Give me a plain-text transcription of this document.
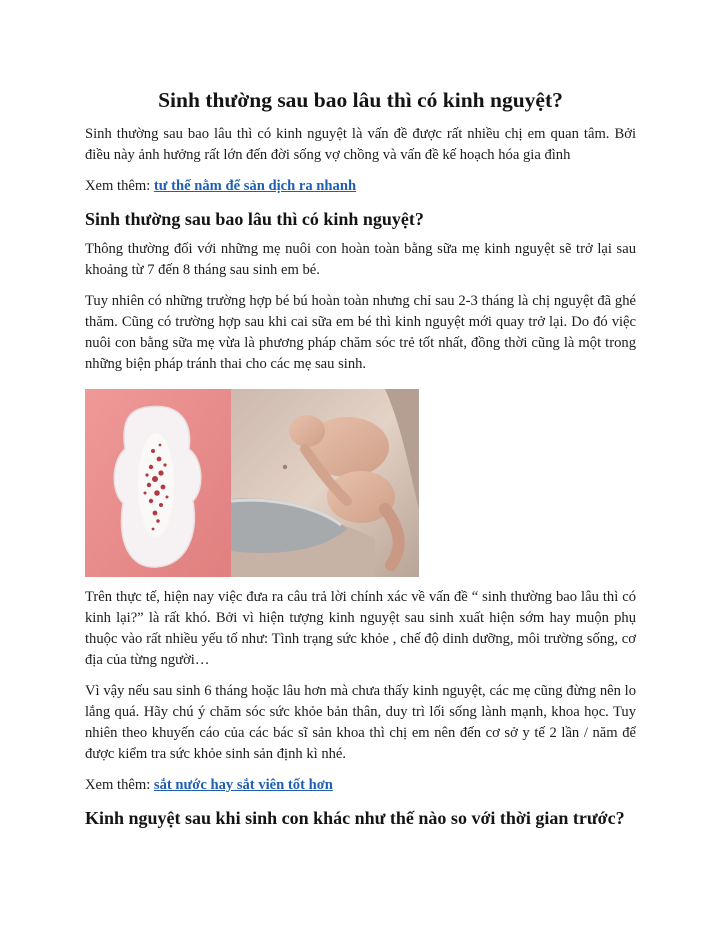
Sinh thường sau bao lâu thì có kinh nguyệt?

Sinh thường sau bao lâu thì có kinh nguyệt là vấn đề được rất nhiều chị em quan tâm. Bởi điều này ảnh hưởng rất lớn đến đời sống vợ chồng và vấn đề kế hoạch hóa gia đình

Xem thêm: tư thế nằm để sản dịch ra nhanh

Sinh thường sau bao lâu thì có kinh nguyệt?

Thông thường đối với những mẹ nuôi con hoàn toàn bằng sữa mẹ kinh nguyệt sẽ trở lại sau khoảng từ 7 đến 8 tháng sau sinh em bé.

Tuy nhiên có những trường hợp bé bú hoàn toàn nhưng chỉ sau 2-3 tháng là chị nguyệt đã ghé thăm. Cũng có trường hợp sau khi cai sữa em bé thì kinh nguyệt mới quay trở lại. Do đó việc nuôi con bằng sữa mẹ vừa là phương pháp chăm sóc trẻ tốt nhất, đồng thời cũng là một trong những biện pháp tránh thai cho các mẹ sau sinh.

Trên thực tế, hiện nay việc đưa ra câu trả lời chính xác về vấn đề “ sinh thường bao lâu thì có kinh lại?” là rất khó. Bởi vì hiện tượng kinh nguyệt sau sinh xuất hiện sớm hay muộn phụ thuộc vào rất nhiều yếu tố như: Tình trạng sức khỏe , chế độ dinh dưỡng, môi trường sống, cơ địa của từng người…

Vì vậy nếu sau sinh 6 tháng hoặc lâu hơn mà chưa thấy kinh nguyệt, các mẹ cũng đừng nên lo lắng quá. Hãy chú ý chăm sóc sức khỏe bản thân, duy trì lối sống lành mạnh, khoa học. Tuy nhiên theo khuyến cáo của các bác sĩ sản khoa thì chị em nên đến cơ sở y tế 2 lần / năm để được kiểm tra sức khỏe sinh sản định kì nhé.

Xem thêm: sắt nước hay sắt viên tốt hơn

Kinh nguyệt sau khi sinh con khác như thế nào so với thời gian trước?
